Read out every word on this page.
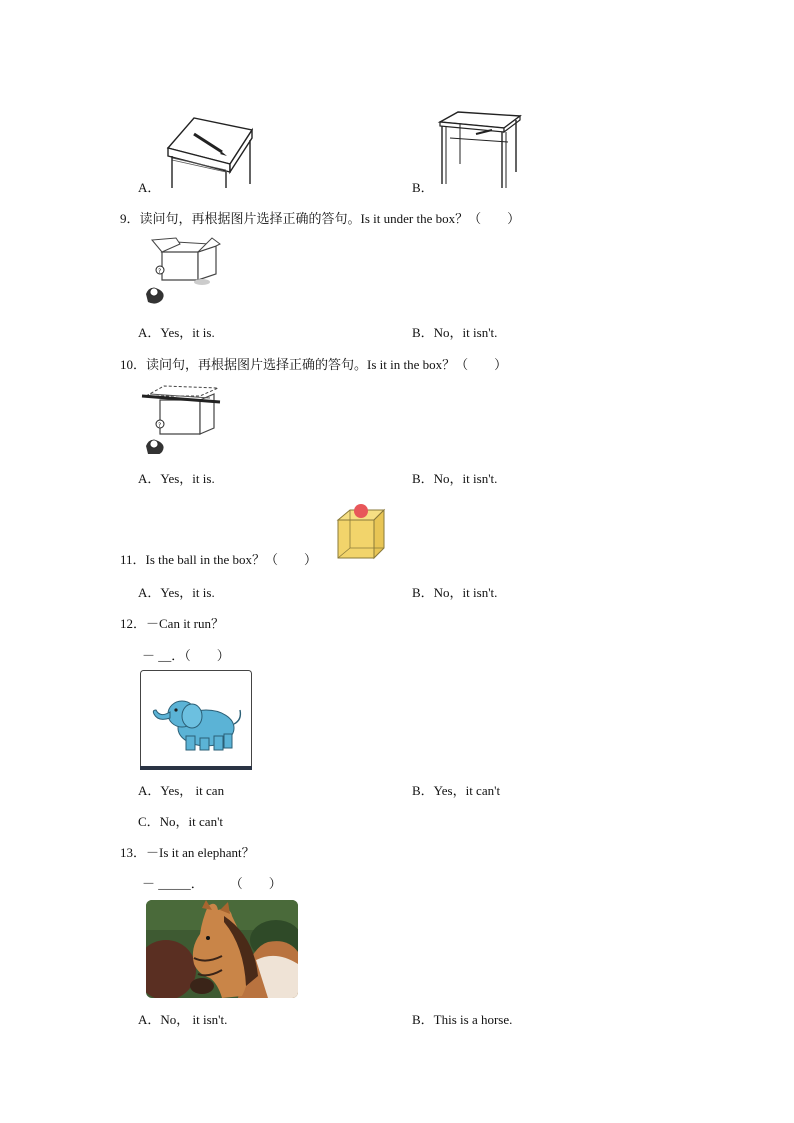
A．	B．
9．读问句，再根据图片选择正确的答句。Is it under the box？（　　）
?
A．Yes，it is.	B．No，it isn't.
10．读问句，再根据图片选择正确的答句。Is it in the box？（　　）
?
A．Yes，it is.	B．No，it isn't.
11．Is the ball in the box？（　　）
A．Yes，it is.	B．No，it isn't.
12．－Can it run？
－ __．（　　）
A．Yes， it can	B．Yes，it can't
C．No，it can't
13．－Is it an elephant？
－ _____．　　　（　　）
A．No， it isn't.	B．This is a horse.
